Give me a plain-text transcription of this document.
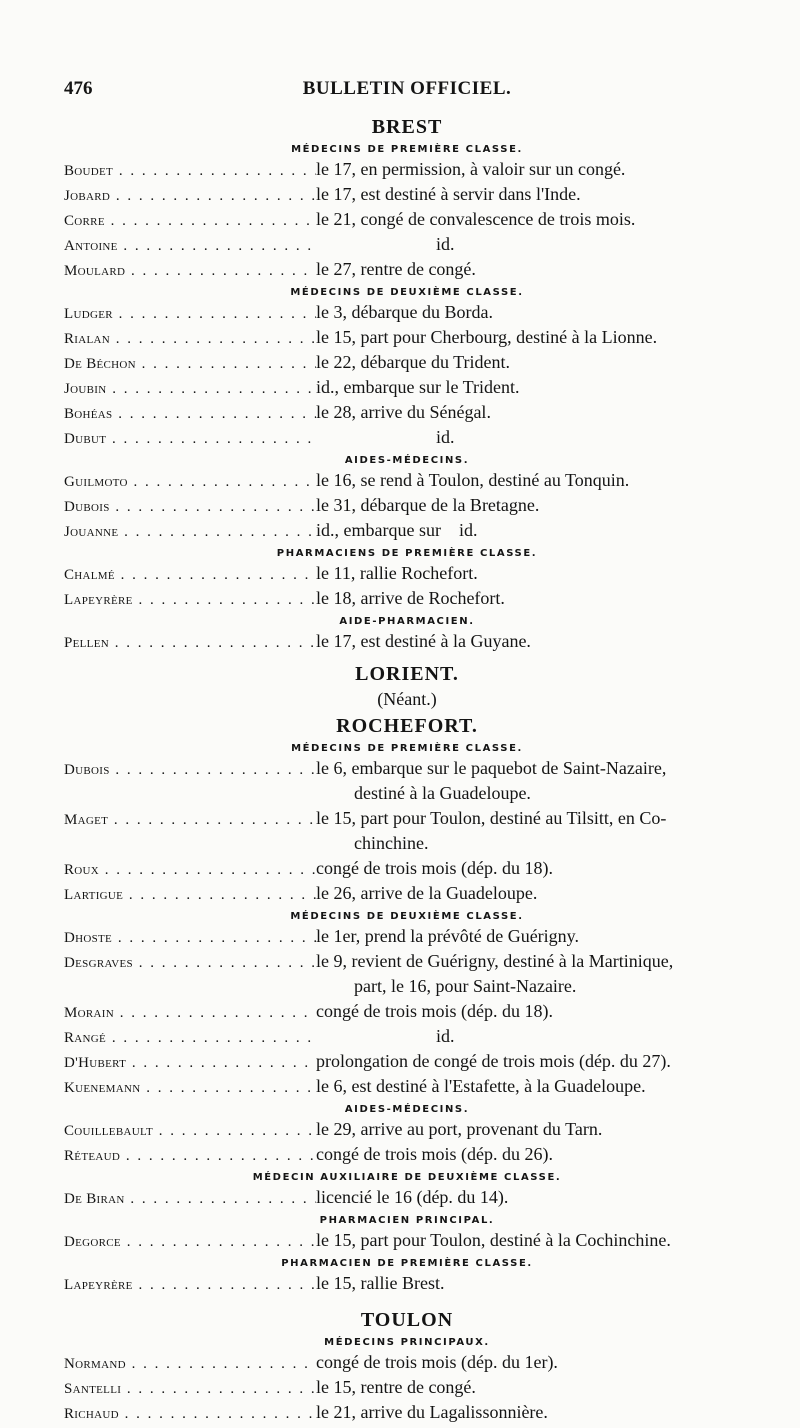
476	BULLETIN OFFICIEL.
BREST
MÉDECINS DE PREMIÈRE CLASSE.
Boudet . . .	le 17, en permission, à valoir sur un congé.
Jobard . . .	le 17, est destiné à servir dans l'Inde.
Corre . . .	le 21, congé de convalescence de trois mois.
Antoine . . .	id.
Moulard . . .	le 27, rentre de congé.
MÉDECINS DE DEUXIÈME CLASSE.
Ludger . . .	le 3, débarque du Borda.
Rialan . . .	le 15, part pour Cherbourg, destiné à la Lionne.
De Béchon . . .	le 22, débarque du Trident.
Joubin . . .	id., embarque sur le Trident.
Bohéas . . .	le 28, arrive du Sénégal.
Dubut . . .	id.
AIDES-MÉDECINS.
Guilmoto . . .	le 16, se rend à Toulon, destiné au Tonquin.
Dubois . . .	le 31, débarque de la Bretagne.
Jouanne . . .	id., embarque sur    id.
PHARMACIENS DE PREMIÈRE CLASSE.
Chalmé . . .	le 11, rallie Rochefort.
Lapeyrère . . .	le 18, arrive de Rochefort.
AIDE-PHARMACIEN.
Pellen . . .	le 17, est destiné à la Guyane.
LORIENT.
(Néant.)
ROCHEFORT.
MÉDECINS DE PREMIÈRE CLASSE.
Dubois . . .	le 6, embarque sur le paquebot de Saint-Nazaire,
destiné à la Guadeloupe.
Maget . . .	le 15, part pour Toulon, destiné au Tilsitt, en Co-
chinchine.
Roux . . .	congé de trois mois (dép. du 18).
Lartigue . . .	le 26, arrive de la Guadeloupe.
MÉDECINS DE DEUXIÈME CLASSE.
Dhoste . . .	le 1er, prend la prévôté de Guérigny.
Desgraves . . .	le 9, revient de Guérigny, destiné à la Martinique,
part, le 16, pour Saint-Nazaire.
Morain . . .	congé de trois mois (dép. du 18).
Rangé . . .	id.
D'Hubert . . .	prolongation de congé de trois mois (dép. du 27).
Kuenemann . . .	le 6, est destiné à l'Estafette, à la Guadeloupe.
AIDES-MÉDECINS.
Couillebault . . .	le 29, arrive au port, provenant du Tarn.
Réteaud . . .	congé de trois mois (dép. du 26).
MÉDECIN AUXILIAIRE DE DEUXIÈME CLASSE.
De Biran . . .	licencié le 16 (dép. du 14).
PHARMACIEN PRINCIPAL.
Degorce . . .	le 15, part pour Toulon, destiné à la Cochinchine.
PHARMACIEN DE PREMIÈRE CLASSE.
Lapeyrère . . .	le 15, rallie Brest.
TOULON
MÉDECINS PRINCIPAUX.
Normand . . .	congé de trois mois (dép. du 1er).
Santelli . . .	le 15, rentre de congé.
Richaud . . .	le 21, arrive du Lagalissonnière.
